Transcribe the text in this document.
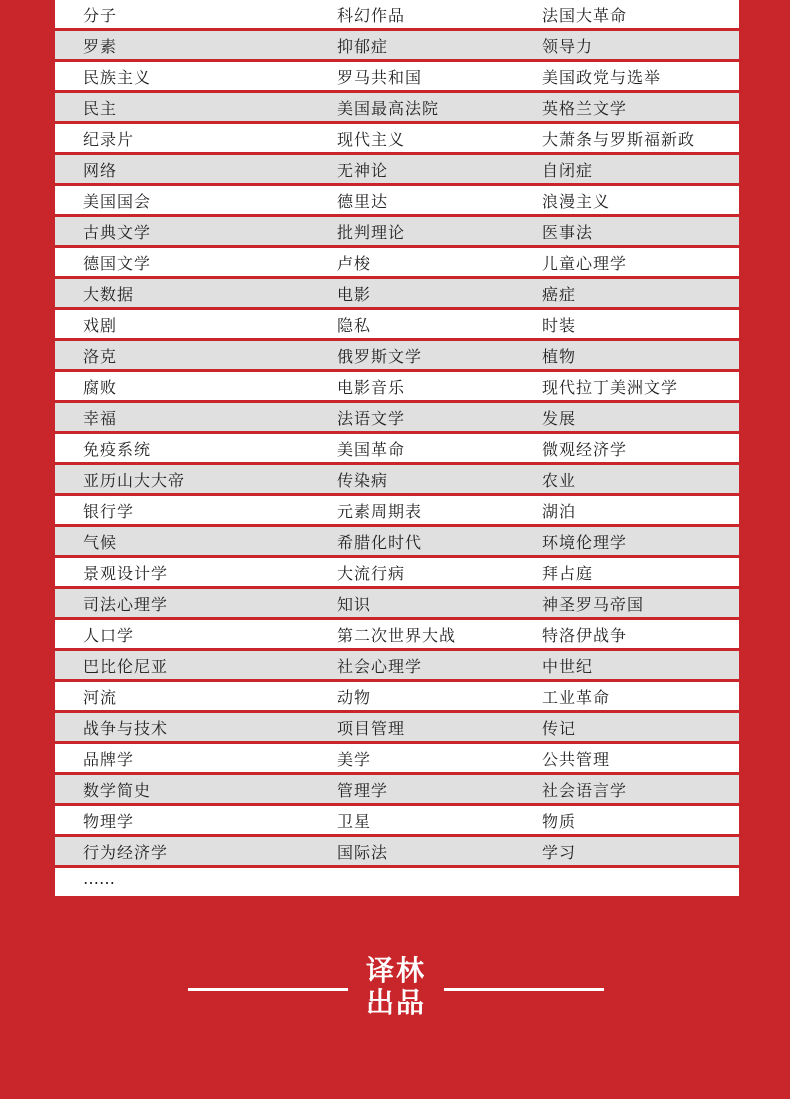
分子	科幻作品	法国大革命
罗素	抑郁症	领导力
民族主义	罗马共和国	美国政党与选举
民主	美国最高法院	英格兰文学
纪录片	现代主义	大萧条与罗斯福新政
网络	无神论	自闭症
美国国会	德里达	浪漫主义
古典文学	批判理论	医事法
德国文学	卢梭	儿童心理学
大数据	电影	癌症
戏剧	隐私	时装
洛克	俄罗斯文学	植物
腐败	电影音乐	现代拉丁美洲文学
幸福	法语文学	发展
免疫系统	美国革命	微观经济学
亚历山大大帝	传染病	农业
银行学	元素周期表	湖泊
气候	希腊化时代	环境伦理学
景观设计学	大流行病	拜占庭
司法心理学	知识	神圣罗马帝国
人口学	第二次世界大战	特洛伊战争
巴比伦尼亚	社会心理学	中世纪
河流	动物	工业革命
战争与技术	项目管理	传记
品牌学	美学	公共管理
数学简史	管理学	社会语言学
物理学	卫星	物质
行为经济学	国际法	学习
……
译林
出品
